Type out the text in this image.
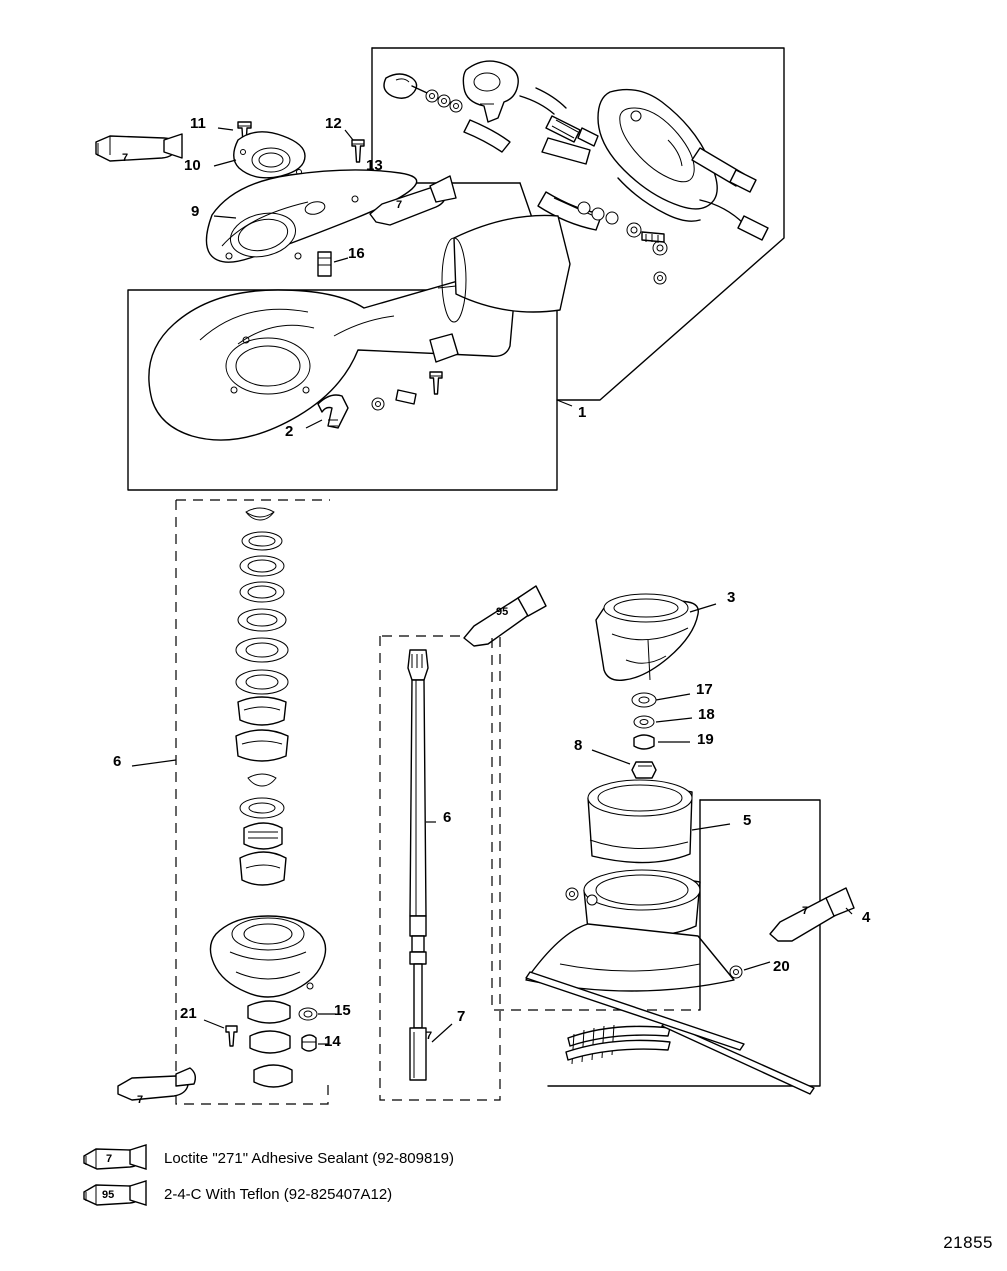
1
2
3
4
5
6
6
7
8
9
10
11	12
13
14
15
16
17
18
19
20
21
7
7
95
7
7
7
7	Loctite "271" Adhesive Sealant (92-809819)
95	2-4-C With Teflon (92-825407A12)
21855
